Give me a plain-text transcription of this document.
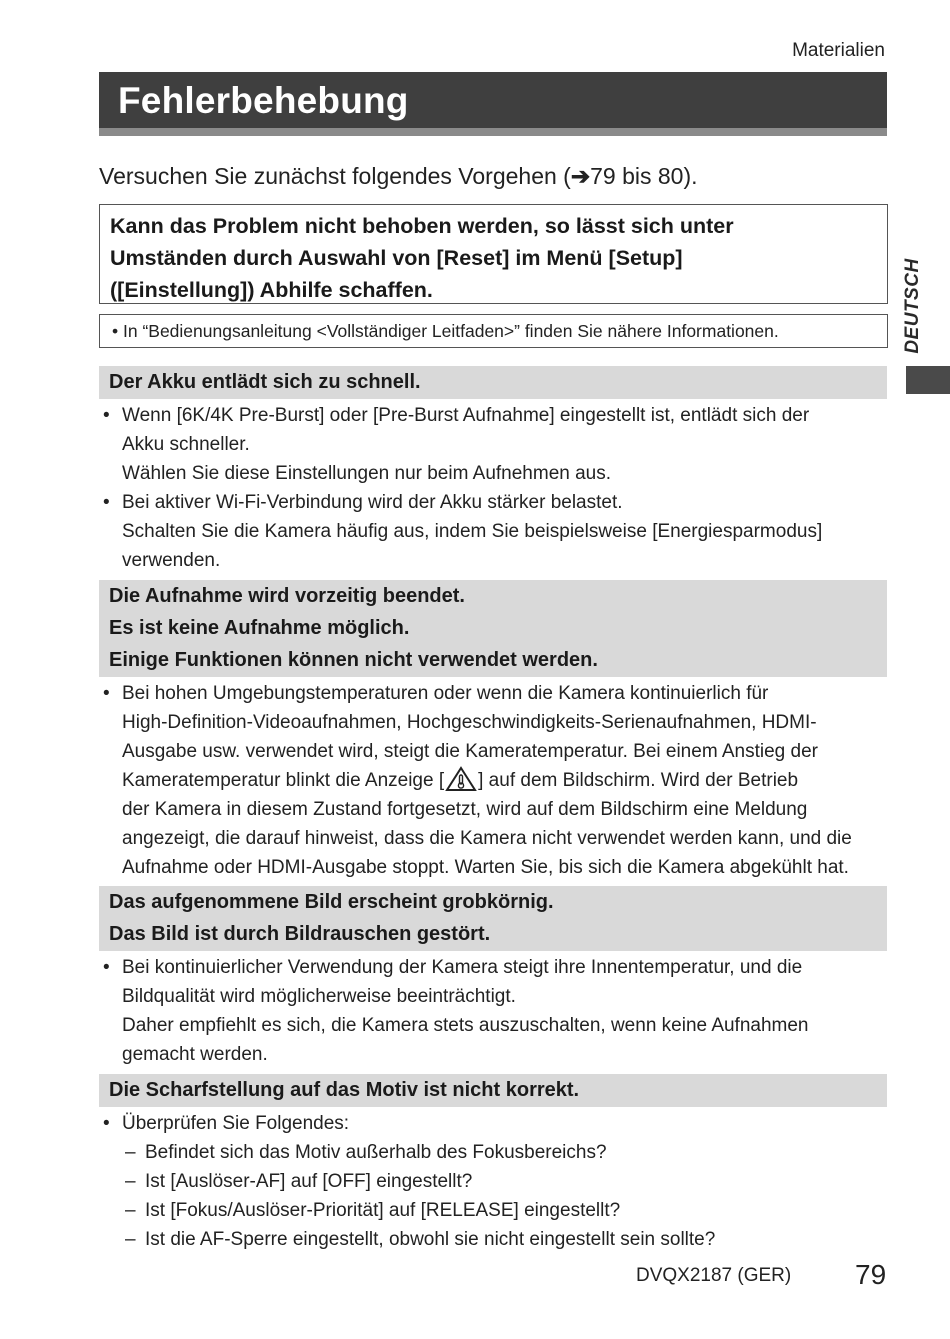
Materialien
Fehlerbehebung
Versuchen Sie zunächst folgendes Vorgehen (➔79 bis 80).

Kann das Problem nicht behoben werden, so lässt sich unter

Umständen durch Auswahl von [Reset] im Menü [Setup]

([Einstellung]) Abhilfe schaffen.

• In “Bedienungsanleitung <Vollständiger Leitfaden>” finden Sie nähere Informationen.	DEUTSCH

Der Akku entlädt sich zu schnell.

• Wenn [6K/4K Pre-Burst] oder [Pre-Burst Aufnahme] eingestellt ist, entlädt sich der
Akku schneller.
Wählen Sie diese Einstellungen nur beim Aufnehmen aus.
• Bei aktiver Wi-Fi-Verbindung wird der Akku stärker belastet.
Schalten Sie die Kamera häufig aus, indem Sie beispielsweise [Energiesparmodus]
verwenden.

Die Aufnahme wird vorzeitig beendet.

Es ist keine Aufnahme möglich.

Einige Funktionen können nicht verwendet werden.

• Bei hohen Umgebungstemperaturen oder wenn die Kamera kontinuierlich für
High-Definition-Videoaufnahmen, Hochgeschwindigkeits-Serienaufnahmen, HDMI-
Ausgabe usw. verwendet wird, steigt die Kameratemperatur. Bei einem Anstieg der
Kameratemperatur blinkt die Anzeige [ ] auf dem Bildschirm. Wird der Betrieb
der Kamera in diesem Zustand fortgesetzt, wird auf dem Bildschirm eine Meldung
angezeigt, die darauf hinweist, dass die Kamera nicht verwendet werden kann, und die
Aufnahme oder HDMI-Ausgabe stoppt. Warten Sie, bis sich die Kamera abgekühlt hat.

Das aufgenommene Bild erscheint grobkörnig.

Das Bild ist durch Bildrauschen gestört.

• Bei kontinuierlicher Verwendung der Kamera steigt ihre Innentemperatur, und die
Bildqualität wird möglicherweise beeinträchtigt.
Daher empfiehlt es sich, die Kamera stets auszuschalten, wenn keine Aufnahmen
gemacht werden.

Die Scharfstellung auf das Motiv ist nicht korrekt.

• Überprüfen Sie Folgendes:
– Befindet sich das Motiv außerhalb des Fokusbereichs?
– Ist [Auslöser-AF] auf [OFF] eingestellt?
– Ist [Fokus/Auslöser-Priorität] auf [RELEASE] eingestellt?
– Ist die AF-Sperre eingestellt, obwohl sie nicht eingestellt sein sollte?
DVQX2187 (GER) 79
